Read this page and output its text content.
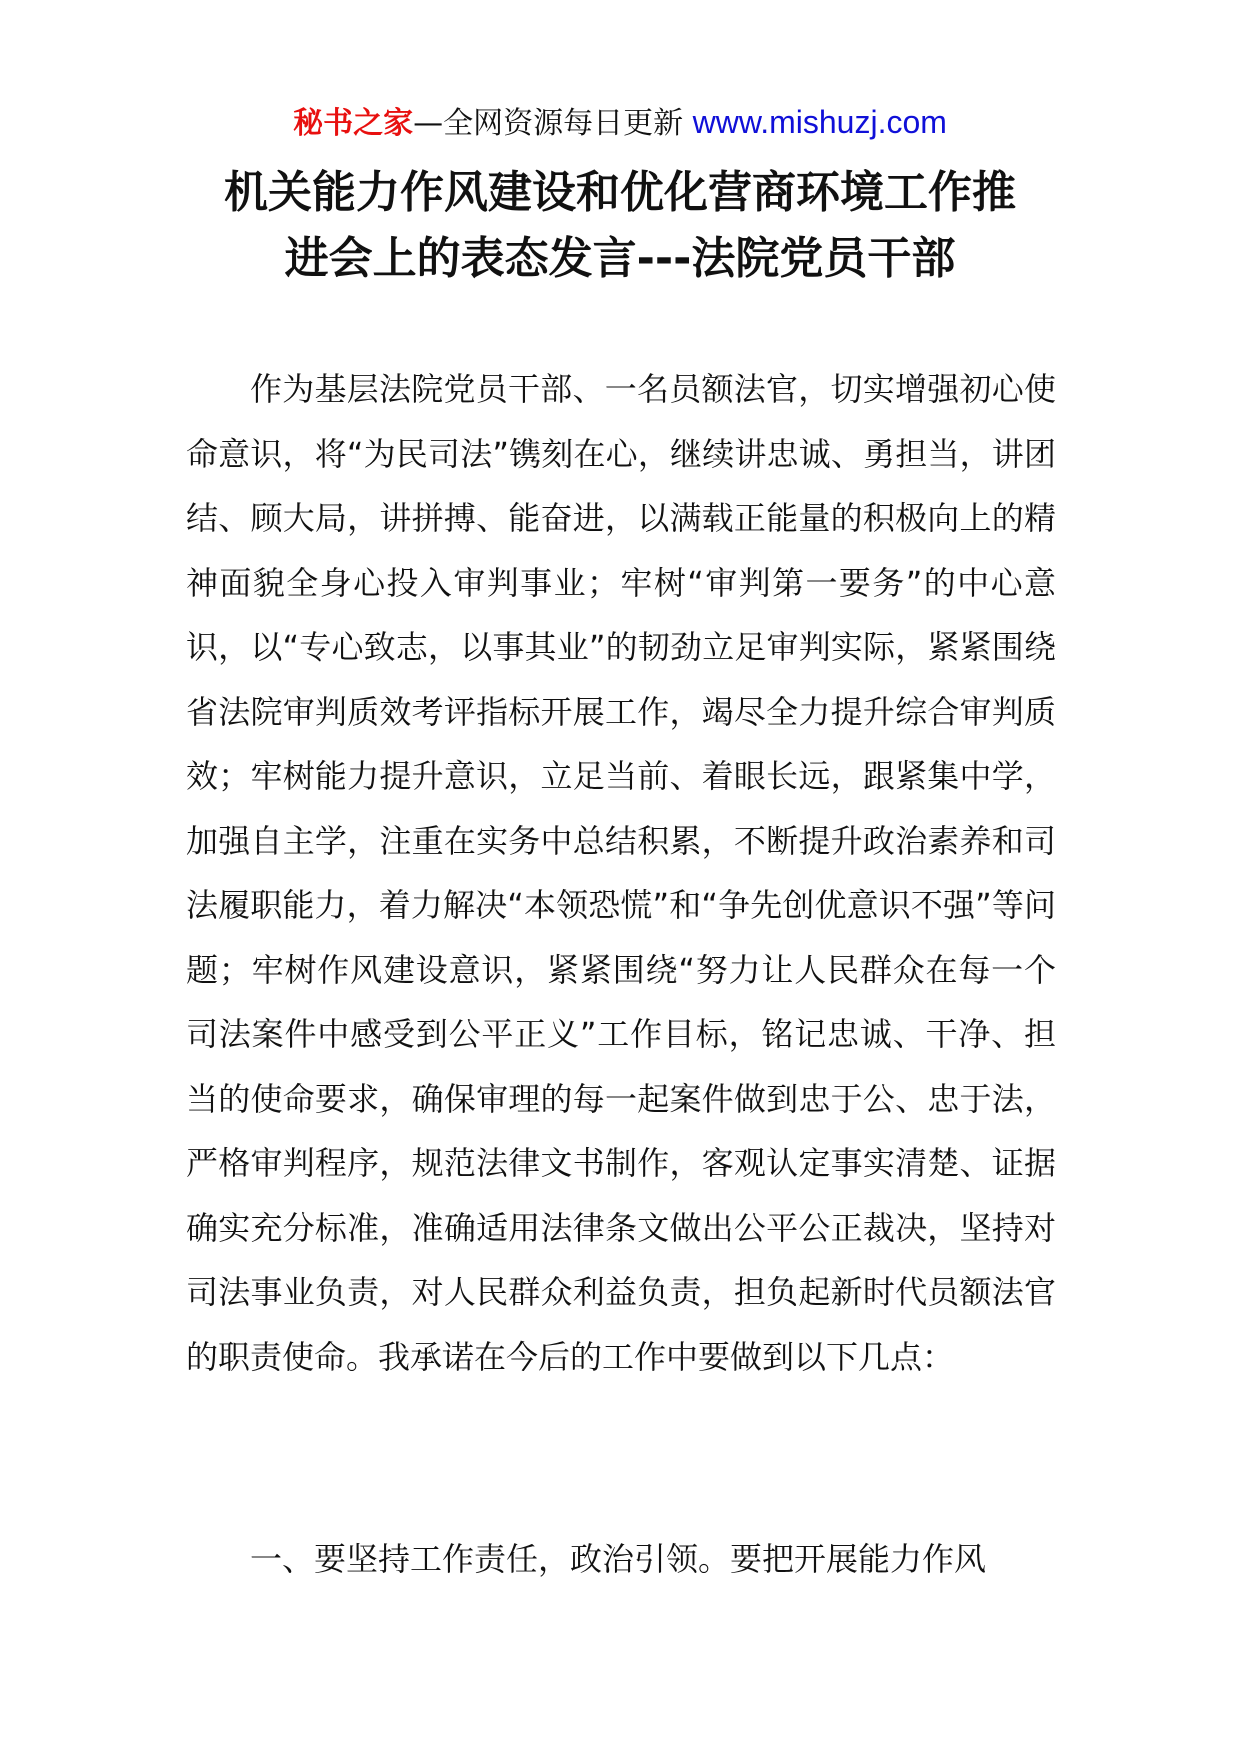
秘书之家—全网资源每日更新 www.mishuzj.com
机关能力作风建设和优化营商环境工作推
进会上的表态发言---法院党员干部

作为基层法院党员干部、一名员额法官，切实增强初心使命意识，将“为民司法”镌刻在心，继续讲忠诚、勇担当，讲团结、顾大局，讲拼搏、能奋进，以满载正能量的积极向上的精神面貌全身心投入审判事业；牢树“审判第一要务”的中心意识，以“专心致志，以事其业”的韧劲立足审判实际，紧紧围绕省法院审判质效考评指标开展工作，竭尽全力提升综合审判质效；牢树能力提升意识，立足当前、着眼长远，跟紧集中学，加强自主学，注重在实务中总结积累，不断提升政治素养和司法履职能力，着力解决“本领恐慌”和“争先创优意识不强”等问题；牢树作风建设意识，紧紧围绕“努力让人民群众在每一个司法案件中感受到公平正义”工作目标，铭记忠诚、干净、担当的使命要求，确保审理的每一起案件做到忠于公、忠于法，严格审判程序，规范法律文书制作，客观认定事实清楚、证据确实充分标准，准确适用法律条文做出公平公正裁决，坚持对司法事业负责，对人民群众利益负责，担负起新时代员额法官的职责使命。我承诺在今后的工作中要做到以下几点：

一、要坚持工作责任，政治引领。要把开展能力作风
